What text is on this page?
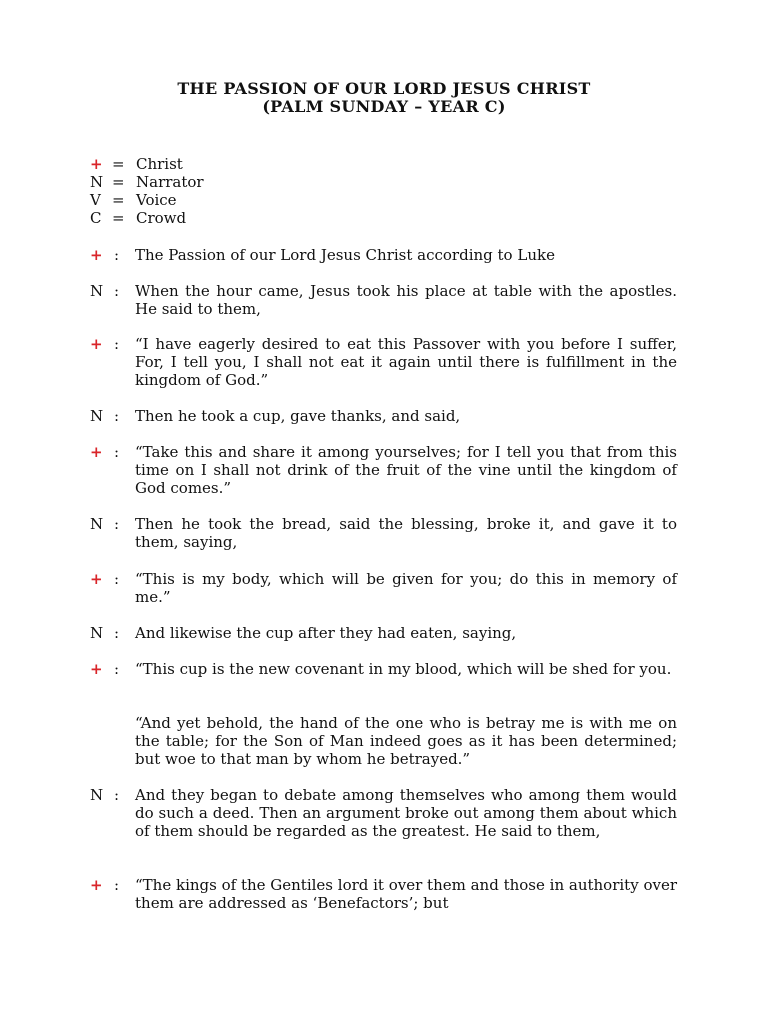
THE PASSION OF OUR LORD JESUS CHRIST
(PALM SUNDAY – YEAR C)
+ = Christ
N = Narrator
V = Voice
C = Crowd
+ : The Passion of our Lord Jesus Christ according to Luke
N : When the hour came, Jesus took his place at table with the apostles. He said to them,
+ : “I have eagerly desired to eat this Passover with you before I suffer, For, I tell you, I shall not eat it again until there is fulfillment in the kingdom of God.”
N : Then he took a cup, gave thanks, and said,
+ : “Take this and share it among yourselves; for I tell you that from this time on I shall not drink of the fruit of the vine until the kingdom of God comes.”
N : Then he took the bread, said the blessing, broke it, and gave it to them, saying,
+ : “This is my body, which will be given for you; do this in memory of me.”
N : And likewise the cup after they had eaten, saying,
+ : “This cup is the new covenant in my blood, which will be shed for you.
“And yet behold, the hand of the one who is betray me is with me on the table; for the Son of Man indeed goes as it has been determined; but woe to that man by whom he betrayed.”
N : And they began to debate among themselves who among them would do such a deed. Then an argument broke out among them about which of them should be regarded as the greatest. He said to them,
+ : “The kings of the Gentiles lord it over them and those in authority over them are addressed as ‘Benefactors’; but
